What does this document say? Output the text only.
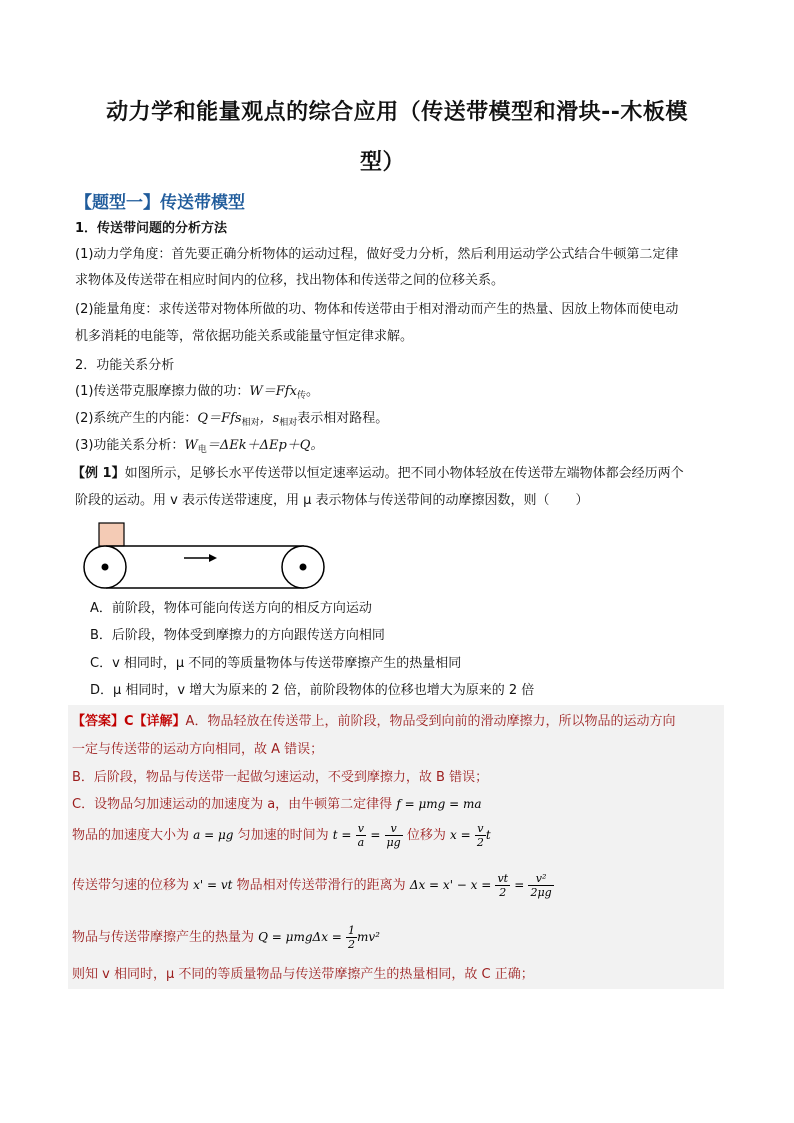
动力学和能量观点的综合应用（传送带模型和滑块--木板模
型）
【题型一】传送带模型
1．传送带问题的分析方法
(1)动力学角度：首先要正确分析物体的运动过程，做好受力分析，然后利用运动学公式结合牛顿第二定律
求物体及传送带在相应时间内的位移，找出物体和传送带之间的位移关系。
(2)能量角度：求传送带对物体所做的功、物体和传送带由于相对滑动而产生的热量、因放上物体而使电动
机多消耗的电能等，常依据功能关系或能量守恒定律求解。
2．功能关系分析
(1)传送带克服摩擦力做的功：W＝Ffx$_传$。
(2)系统产生的内能：Q＝Ffs$_{相对}$，$s_{相对}$表示相对路程。
(3)功能关系分析：$W_电=\Delta Ek+\Delta Ep+Q$。
【例 1】如图所示，足够长水平传送带以恒定速率运动。把不同小物体轻放在传送带左端物体都会经历两个
阶段的运动。用 v 表示传送带速度，用 μ 表示物体与传送带间的动摩擦因数，则（　　）
A．前阶段，物体可能向传送方向的相反方向运动
B．后阶段，物体受到摩擦力的方向跟传送方向相同
C．v 相同时，μ 不同的等质量物体与传送带摩擦产生的热量相同
D．μ 相同时，v 增大为原来的 2 倍，前阶段物体的位移也增大为原来的 2 倍
【答案】C【详解】A．物品轻放在传送带上，前阶段，物品受到向前的滑动摩擦力，所以物品的运动方向
一定与传送带的运动方向相同，故 A 错误；
B．后阶段，物品与传送带一起做匀速运动，不受到摩擦力，故 B 错误；
C．设物品匀加速运动的加速度为 a，由牛顿第二定律得 f = μmg = ma
物品的加速度大小为 a = μg 匀加速的时间为 $t = \frac{v}{a} = \frac{v}{\mu g}$ 位移为 $x = \frac{v}{2}$ t
传送带匀速的位移为 x' = vt 物品相对传送带滑行的距离为 $\Delta x = x' - x = \frac{vt}{2} = \frac{\text{v²}}{2\mu g}$
物品与传送带摩擦产生的热量为 $Q = \mu mg\Delta x = \frac{1}{2} mv^2$
则知 v 相同时，μ 不同的等质量物品与传送带摩擦产生的热量相同，故 C 正确；
